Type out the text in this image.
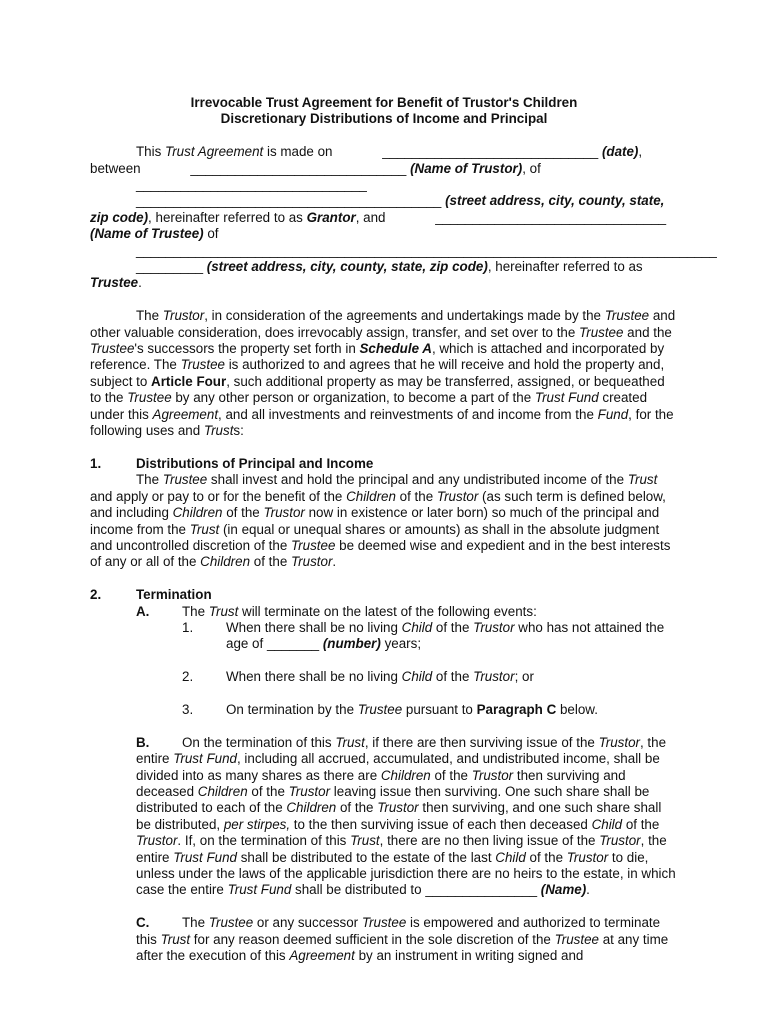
Irrevocable Trust Agreement for Benefit of Trustor's Children
Discretionary Distributions of Income and Principal

This Trust Agreement is made on	_____________________________ (date), between	_____________________________ (Name of Trustor), of _______________________________ _________________________________________ (street address, city, county, state, zip code), hereinafter referred to as Grantor, and	_______________________________ (Name of Trustee) of ______________________________________________________________________________ _________ (street address, city, county, state, zip code), hereinafter referred to as Trustee.

The Trustor, in consideration of the agreements and undertakings made by the Trustee and other valuable consideration, does irrevocably assign, transfer, and set over to the Trustee and the Trustee's successors the property set forth in Schedule A, which is attached and incorporated by reference. The Trustee is authorized to and agrees that he will receive and hold the property and, subject to Article Four, such additional property as may be transferred, assigned, or bequeathed to the Trustee by any other person or organization, to become a part of the Trust Fund created under this Agreement, and all investments and reinvestments of and income from the Fund, for the following uses and Trusts:

1.	Distributions of Principal and Income

The Trustee shall invest and hold the principal and any undistributed income of the Trust and apply or pay to or for the benefit of the Children of the Trustor (as such term is defined below, and including Children of the Trustor now in existence or later born) so much of the principal and income from the Trust (in equal or unequal shares or amounts) as shall in the absolute judgment and uncontrolled discretion of the Trustee be deemed wise and expedient and in the best interests of any or all of the Children of the Trustor.

2.	Termination
A.	The Trust will terminate on the latest of the following events:
1.	When there shall be no living Child of the Trustor who has not attained the age of _______ (number) years;
2.	When there shall be no living Child of the Trustor; or
3.	On termination by the Trustee pursuant to Paragraph C below.

B. On the termination of this Trust, if there are then surviving issue of the Trustor, the entire Trust Fund, including all accrued, accumulated, and undistributed income, shall be divided into as many shares as there are Children of the Trustor then surviving and deceased Children of the Trustor leaving issue then surviving. One such share shall be distributed to each of the Children of the Trustor then surviving, and one such share shall be distributed, per stirpes, to the then surviving issue of each then deceased Child of the Trustor. If, on the termination of this Trust, there are no then living issue of the Trustor, the entire Trust Fund shall be distributed to the estate of the last Child of the Trustor to die, unless under the laws of the applicable jurisdiction there are no heirs to the estate, in which case the entire Trust Fund shall be distributed to _______________ (Name).

C. The Trustee or any successor Trustee is empowered and authorized to terminate this Trust for any reason deemed sufficient in the sole discretion of the Trustee at any time after the execution of this Agreement by an instrument in writing signed and
